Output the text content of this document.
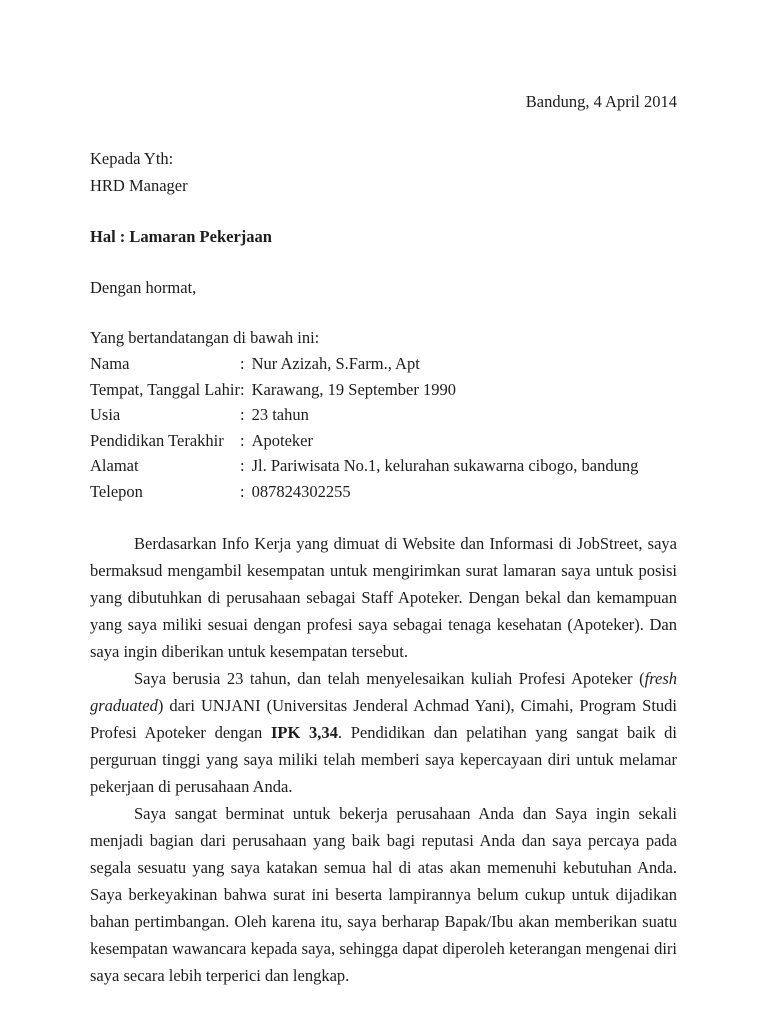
Bandung, 4 April 2014
Kepada Yth:
HRD Manager
Hal : Lamaran Pekerjaan
Dengan hormat,
Yang bertandatangan di bawah ini:
Nama	: Nur Azizah, S.Farm., Apt
Tempat, Tanggal Lahir : Karawang, 19 September 1990
Usia	: 23 tahun
Pendidikan Terakhir : Apoteker
Alamat	: Jl. Pariwisata No.1, kelurahan sukawarna cibogo, bandung
Telepon	: 087824302255

Berdasarkan Info Kerja yang dimuat di Website dan Informasi di JobStreet, saya bermaksud mengambil kesempatan untuk mengirimkan surat lamaran saya untuk posisi yang dibutuhkan di perusahaan sebagai Staff Apoteker. Dengan bekal dan kemampuan yang saya miliki sesuai dengan profesi saya sebagai tenaga kesehatan (Apoteker). Dan saya ingin diberikan untuk kesempatan tersebut.

Saya berusia 23 tahun, dan telah menyelesaikan kuliah Profesi Apoteker (fresh graduated) dari UNJANI (Universitas Jenderal Achmad Yani), Cimahi, Program Studi Profesi Apoteker dengan IPK 3,34. Pendidikan dan pelatihan yang sangat baik di perguruan tinggi yang saya miliki telah memberi saya kepercayaan diri untuk melamar pekerjaan di perusahaan Anda.

Saya sangat berminat untuk bekerja perusahaan Anda dan Saya ingin sekali menjadi bagian dari perusahaan yang baik bagi reputasi Anda dan saya percaya pada segala sesuatu yang saya katakan semua hal di atas akan memenuhi kebutuhan Anda. Saya berkeyakinan bahwa surat ini beserta lampirannya belum cukup untuk dijadikan bahan pertimbangan. Oleh karena itu, saya berharap Bapak/Ibu akan memberikan suatu kesempatan wawancara kepada saya, sehingga dapat diperoleh keterangan mengenai diri saya secara lebih terperici dan lengkap.
